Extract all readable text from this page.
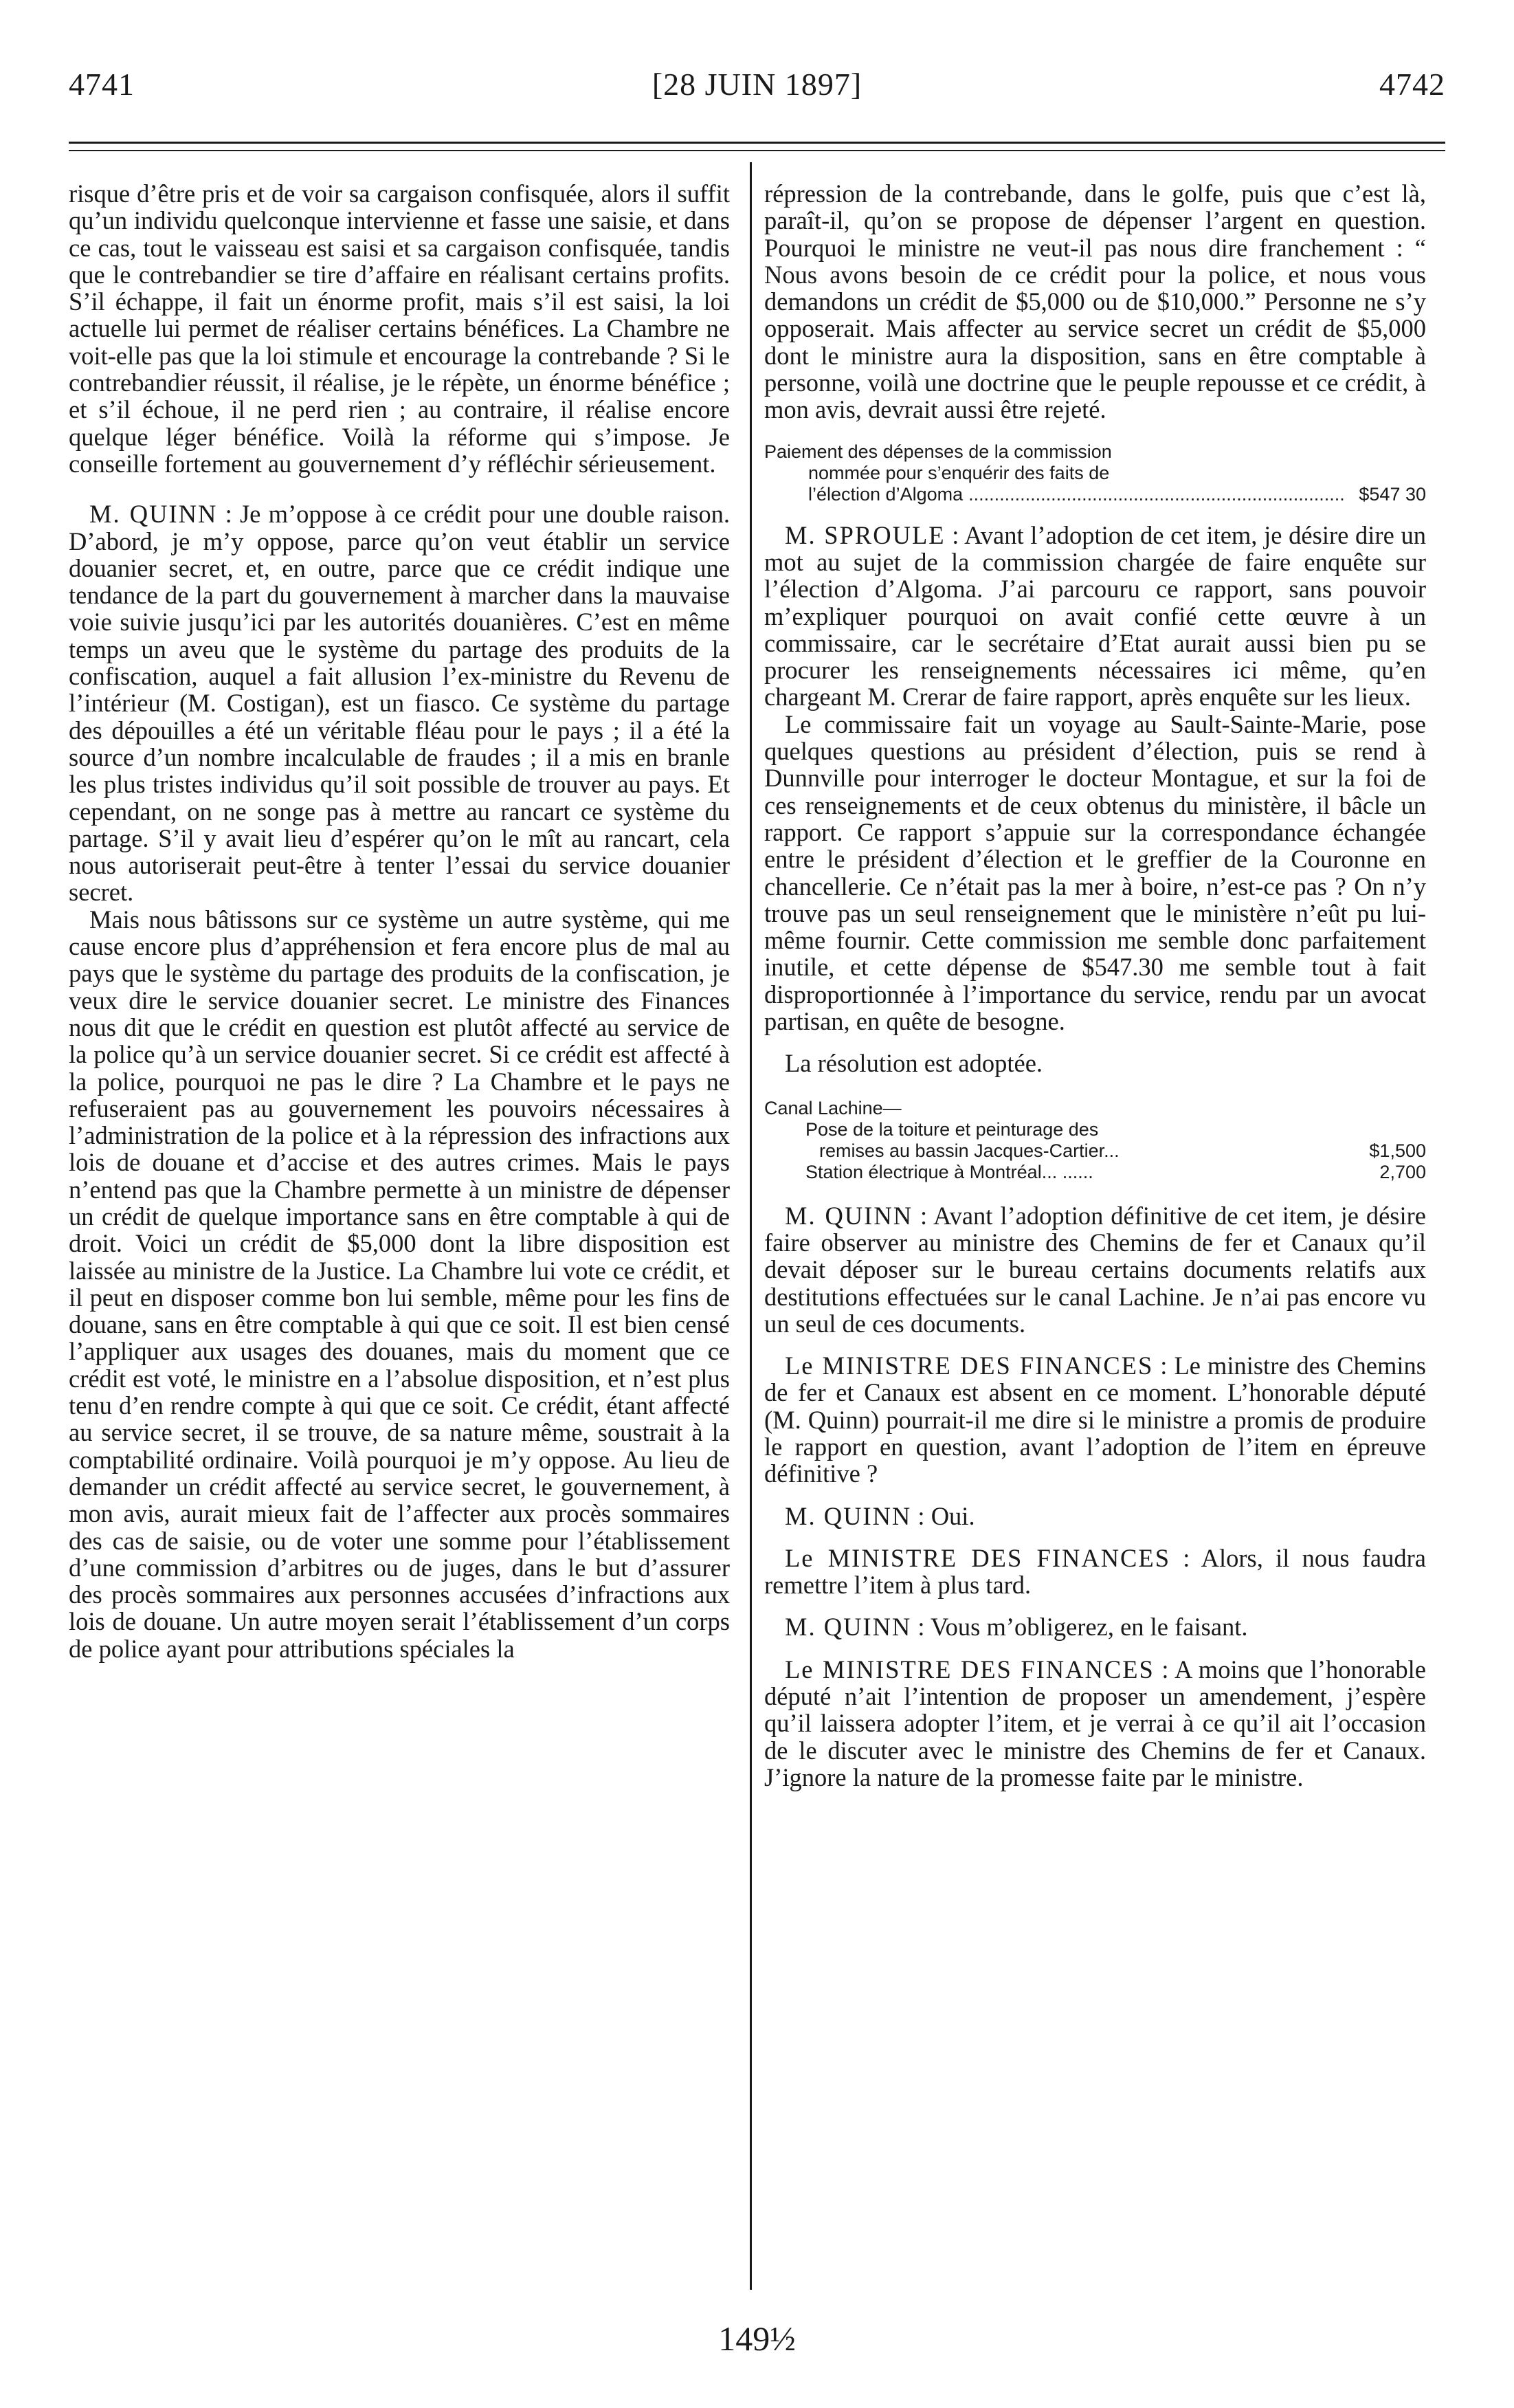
4741	[28 JUIN 1897]	4742

risque d’être pris et de voir sa cargaison confisquée, alors il suffit qu’un individu quelconque intervienne et fasse une saisie, et dans ce cas, tout le vaisseau est saisi et sa cargaison confisquée, tandis que le contrebandier se tire d’affaire en réalisant certains profits. S’il échappe, il fait un énorme profit, mais s’il est saisi, la loi actuelle lui permet de réaliser certains bénéfices. La Chambre ne voit-elle pas que la loi stimule et encourage la contrebande ? Si le contrebandier réussit, il réalise, je le répète, un énorme bénéfice ; et s’il échoue, il ne perd rien ; au contraire, il réalise encore quelque léger bénéfice. Voilà la réforme qui s’impose. Je conseille fortement au gouvernement d’y réfléchir sérieusement.

M. QUINN : Je m’oppose à ce crédit pour une double raison. D’abord, je m’y oppose, parce qu’on veut établir un service douanier secret, et, en outre, parce que ce crédit indique une tendance de la part du gouvernement à marcher dans la mauvaise voie suivie jusqu’ici par les autorités douanières. C’est en même temps un aveu que le système du partage des produits de la confiscation, auquel a fait allusion l’ex-ministre du Revenu de l’intérieur (M. Costigan), est un fiasco. Ce système du partage des dépouilles a été un véritable fléau pour le pays ; il a été la source d’un nombre incalculable de fraudes ; il a mis en branle les plus tristes individus qu’il soit possible de trouver au pays. Et cependant, on ne songe pas à mettre au rancart ce système du partage. S’il y avait lieu d’espérer qu’on le mît au rancart, cela nous autoriserait peut-être à tenter l’essai du service douanier secret.

Mais nous bâtissons sur ce système un autre système, qui me cause encore plus d’appréhension et fera encore plus de mal au pays que le système du partage des produits de la confiscation, je veux dire le service douanier secret. Le ministre des Finances nous dit que le crédit en question est plutôt affecté au service de la police qu’à un service douanier secret. Si ce crédit est affecté à la police, pourquoi ne pas le dire ? La Chambre et le pays ne refuseraient pas au gouvernement les pouvoirs nécessaires à l’administration de la police et à la répression des infractions aux lois de douane et d’accise et des autres crimes. Mais le pays n’entend pas que la Chambre permette à un ministre de dépenser un crédit de quelque importance sans en être comptable à qui de droit. Voici un crédit de $5,000 dont la libre disposition est laissée au ministre de la Justice. La Chambre lui vote ce crédit, et il peut en disposer comme bon lui semble, même pour les fins de douane, sans en être comptable à qui que ce soit. Il est bien censé l’appliquer aux usages des douanes, mais du moment que ce crédit est voté, le ministre en a l’absolue disposition, et n’est plus tenu d’en rendre compte à qui que ce soit. Ce crédit, étant affecté au service secret, il se trouve, de sa nature même, soustrait à la comptabilité ordinaire. Voilà pourquoi je m’y oppose. Au lieu de demander un crédit affecté au service secret, le gouvernement, à mon avis, aurait mieux fait de l’affecter aux procès sommaires des cas de saisie, ou de voter une somme pour l’établissement d’une commission d’arbitres ou de juges, dans le but d’assurer des procès sommaires aux personnes accusées d’infractions aux lois de douane. Un autre moyen serait l’établissement d’un corps de police ayant pour attributions spéciales la

répression de la contrebande, dans le golfe, puis que c’est là, paraît-il, qu’on se propose de dépenser l’argent en question. Pourquoi le ministre ne veut-il pas nous dire franchement : “ Nous avons besoin de ce crédit pour la police, et nous vous demandons un crédit de $5,000 ou de $10,000.” Personne ne s’y opposerait. Mais affecter au service secret un crédit de $5,000 dont le ministre aura la disposition, sans en être comptable à personne, voilà une doctrine que le peuple repousse et ce crédit, à mon avis, devrait aussi être rejeté.

Paiement des dépenses de la commission
nommée pour s’enquérir des faits de
l’élection d’Algoma
.....	$547 30

M. SPROULE : Avant l’adoption de cet item, je désire dire un mot au sujet de la commission chargée de faire enquête sur l’élection d’Algoma. J’ai parcouru ce rapport, sans pouvoir m’expliquer pourquoi on avait confié cette œuvre à un commissaire, car le secrétaire d’Etat aurait aussi bien pu se procurer les renseignements nécessaires ici même, qu’en chargeant M. Crerar de faire rapport, après enquête sur les lieux.

Le commissaire fait un voyage au Sault-Sainte-Marie, pose quelques questions au président d’élection, puis se rend à Dunnville pour interroger le docteur Montague, et sur la foi de ces renseignements et de ceux obtenus du ministère, il bâcle un rapport. Ce rapport s’appuie sur la correspondance échangée entre le président d’élection et le greffier de la Couronne en chancellerie. Ce n’était pas la mer à boire, n’est-ce pas ? On n’y trouve pas un seul renseignement que le ministère n’eût pu lui-même fournir. Cette commission me semble donc parfaitement inutile, et cette dépense de $547.30 me semble tout à fait disproportionnée à l’importance du service, rendu par un avocat partisan, en quête de besogne.

La résolution est adoptée.

Canal Lachine—
Pose de la toiture et peinturage des
remises au bassin Jacques-Cartier...	$1,500
Station électrique à Montréal... ......	2,700

M. QUINN : Avant l’adoption définitive de cet item, je désire faire observer au ministre des Chemins de fer et Canaux qu’il devait déposer sur le bureau certains documents relatifs aux destitutions effectuées sur le canal Lachine. Je n’ai pas encore vu un seul de ces documents.

Le MINISTRE DES FINANCES : Le ministre des Chemins de fer et Canaux est absent en ce moment. L’honorable député (M. Quinn) pourrait-il me dire si le ministre a promis de produire le rapport en question, avant l’adoption de l’item en épreuve définitive ?

M. QUINN : Oui.

Le MINISTRE DES FINANCES : Alors, il nous faudra remettre l’item à plus tard.

M. QUINN : Vous m’obligerez, en le faisant.

Le MINISTRE DES FINANCES : A moins que l’honorable député n’ait l’intention de proposer un amendement, j’espère qu’il laissera adopter l’item, et je verrai à ce qu’il ait l’occasion de le discuter avec le ministre des Chemins de fer et Canaux. J’ignore la nature de la promesse faite par le ministre.

149½
